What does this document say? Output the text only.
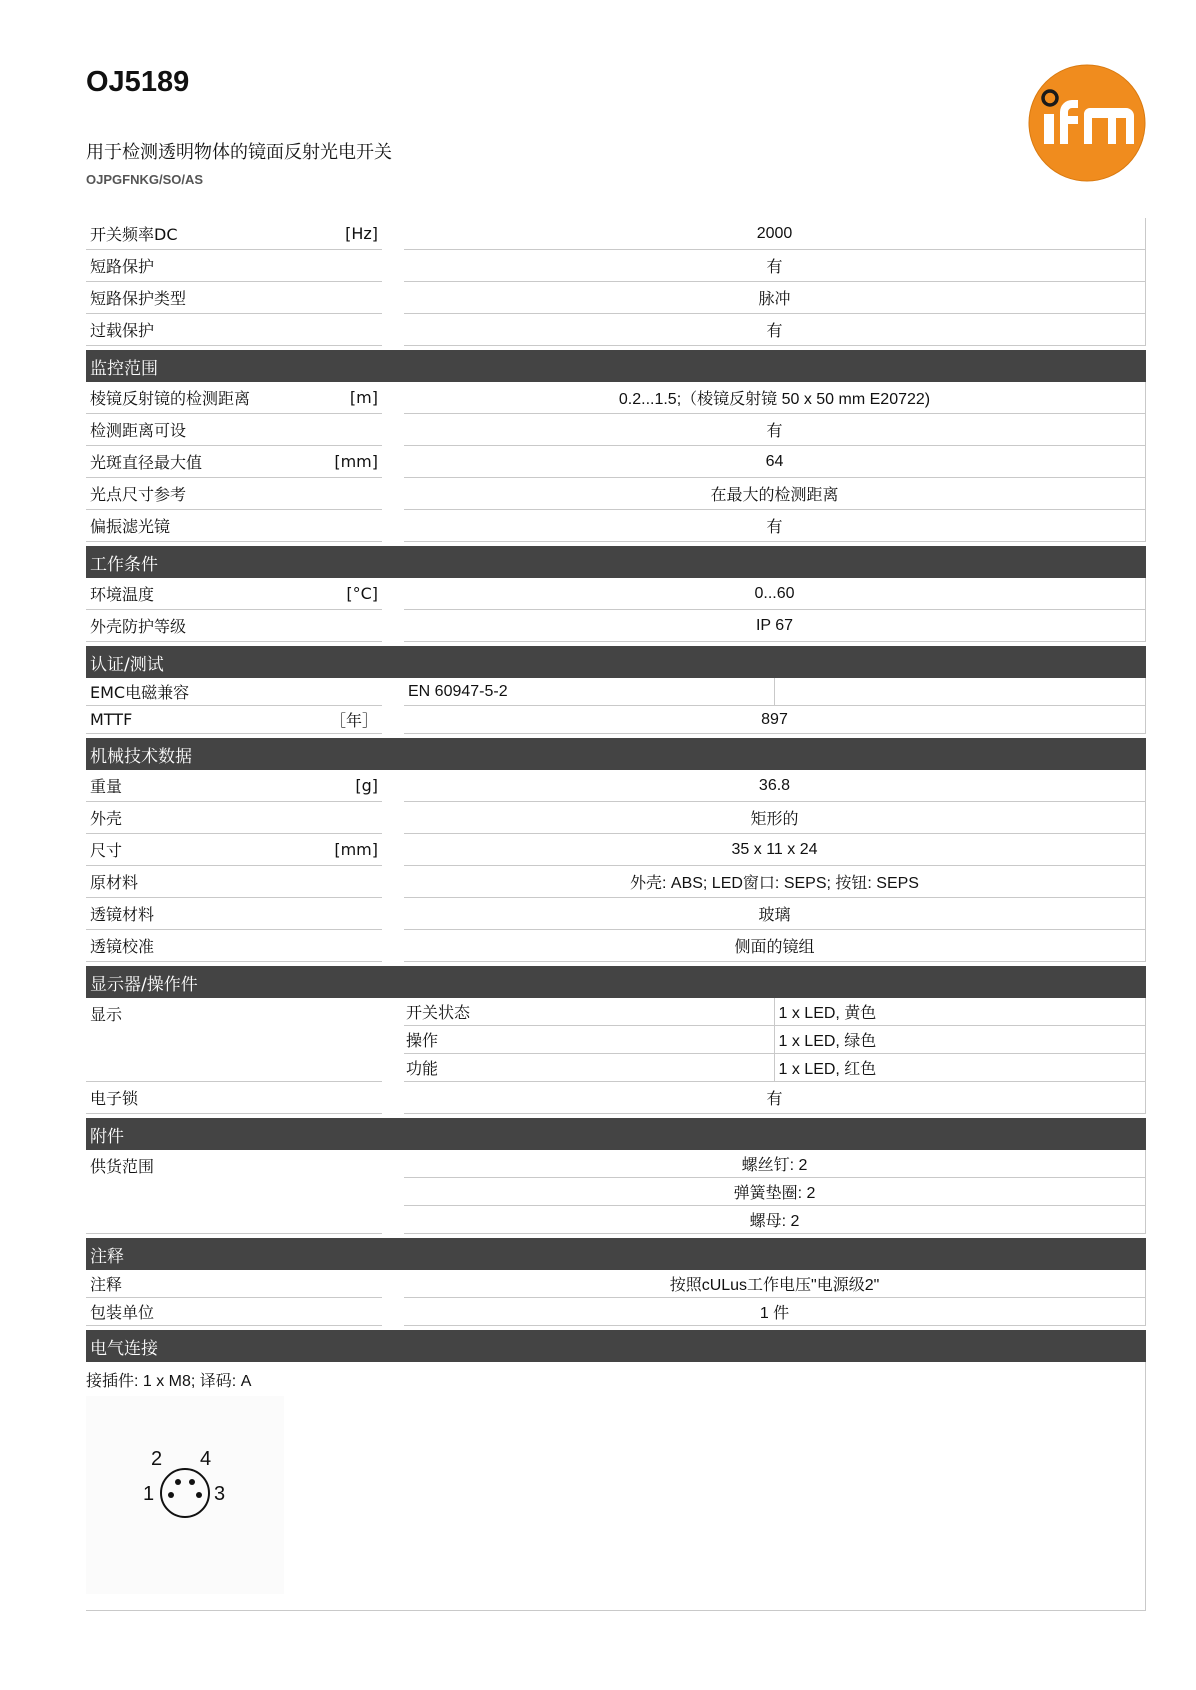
OJ5189
用于检测透明物体的镜面反射光电开关
OJPGFNKG/SO/AS
开关频率DC	[Hz]	2000
短路保护	有
短路保护类型	脉冲
过载保护	有
监控范围
棱镜反射镜的检测距离	[m]	0.2...1.5;（棱镜反射镜 50 x 50 mm E20722)
检测距离可设	有
光斑直径最大值	[mm]	64
光点尺寸参考	在最大的检测距离
偏振滤光镜	有
工作条件
环境温度	[°C]	0...60
外壳防护等级	IP 67
认证/测试
EMC电磁兼容	EN 60947-5-2
MTTF	［年］	897
机械技术数据
重量	[g]	36.8
外壳	矩形的
尺寸	[mm]	35 x 11 x 24
原材料	外壳: ABS; LED窗口: SEPS; 按钮: SEPS
透镜材料	玻璃
透镜校准	侧面的镜组
显示器/操作件
显示	开关状态	1 x LED, 黄色
操作	1 x LED, 绿色
功能	1 x LED, 红色
电子锁	有
附件
供货范围	螺丝钉: 2
弹簧垫圈: 2
螺母: 2
注释
注释	按照cULus工作电压"电源级2"
包装单位	1 件
电气连接
接插件: 1 x M8; 译码: A
2 4
1	3
